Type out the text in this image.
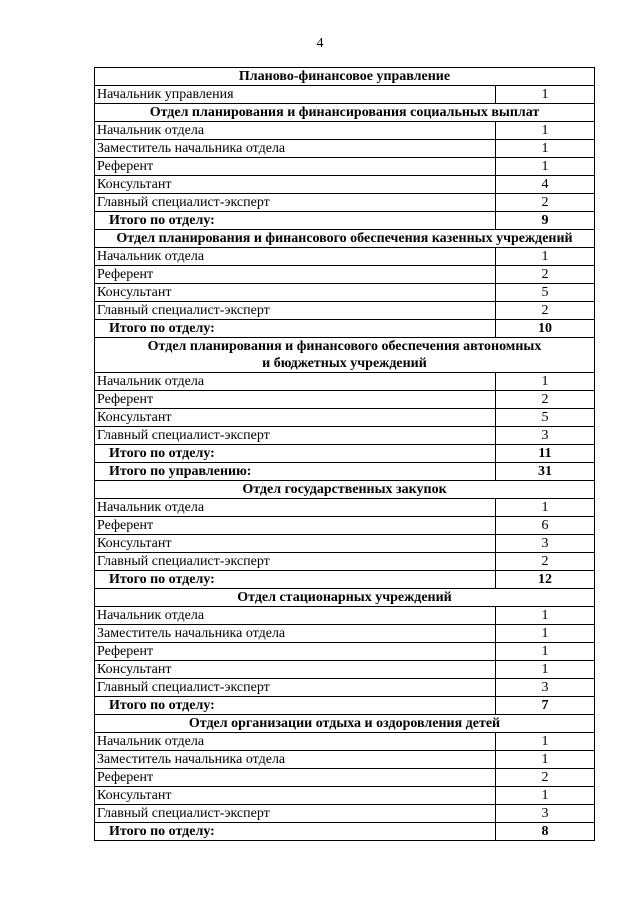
4
Планово-финансовое управление	
Начальник управления	1
Отдел планирования и финансирования социальных выплат	
Начальник отдела	1
Заместитель начальника отдела	1
Референт	1
Консультант	4
Главный специалист-эксперт	2
Итого по отделу:	9
Отдел планирования и финансового обеспечения казенных учреждений	
Начальник отдела	1
Референт	2
Консультант	5
Главный специалист-эксперт	2
Итого по отделу:	10

Отдел планирования и финансового обеспечения автономных
и бюджетных учреждений	

Начальник отдела	1
Референт	2
Консультант	5
Главный специалист-эксперт	3
Итого по отделу:	11
Итого по управлению:	31
Отдел государственных закупок	
Начальник отдела	1
Референт	6
Консультант	3
Главный специалист-эксперт	2
Итого по отделу:	12
Отдел стационарных учреждений	
Начальник отдела	1
Заместитель начальника отдела	1
Референт	1
Консультант	1
Главный специалист-эксперт	3
Итого по отделу:	7
Отдел организации отдыха и оздоровления детей	
Начальник отдела	1
Заместитель начальника отдела	1
Референт	2
Консультант	1
Главный специалист-эксперт	3
Итого по отделу:	8
